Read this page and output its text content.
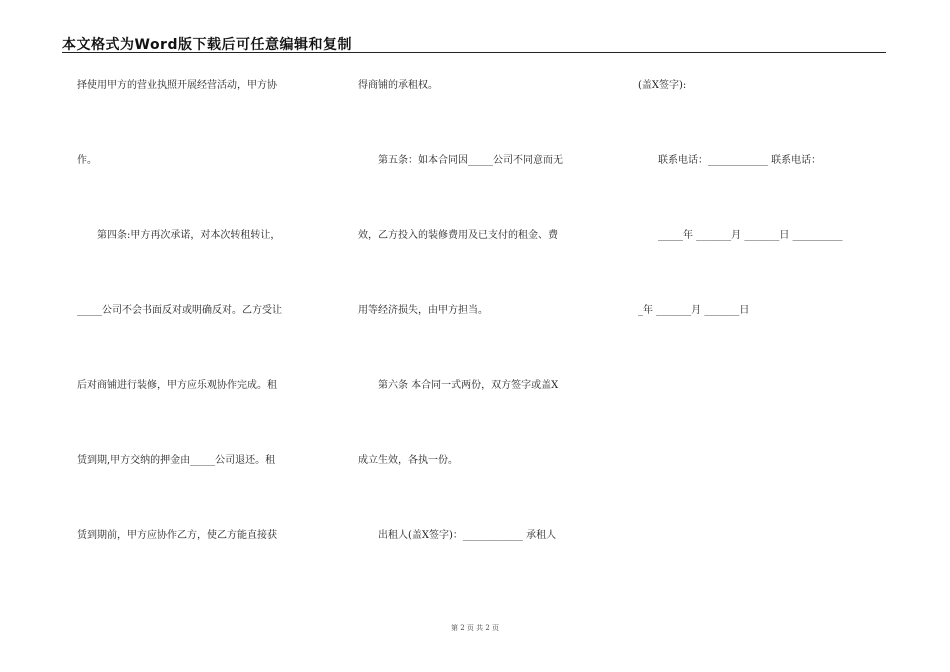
本文格式为Word版下载后可任意编辑和复制
择使用甲方的营业执照开展经营活动，甲方协
作。
　　第四条:甲方再次承诺，对本次转租转让，
_____公司不会书面反对或明确反对。乙方受让
后对商铺进行装修，甲方应乐观协作完成。租
赁到期,甲方交纳的押金由_____公司退还。租
赁到期前，甲方应协作乙方，使乙方能直接获
得商铺的承租权。
　　第五条：如本合同因_____公司不同意而无
效，乙方投入的装修费用及已支付的租金、费
用等经济损失，由甲方担当。
　　第六条 本合同一式两份，双方签字或盖X
成立生效，各执一份。
　　出租人(盖X签字)：____________ 承租人
(盖X签字):
　　联系电话：____________ 联系电话：
　　_____年 _______月 _______日 __________
_年 _______月 _______日
第 2 页 共 2 页
